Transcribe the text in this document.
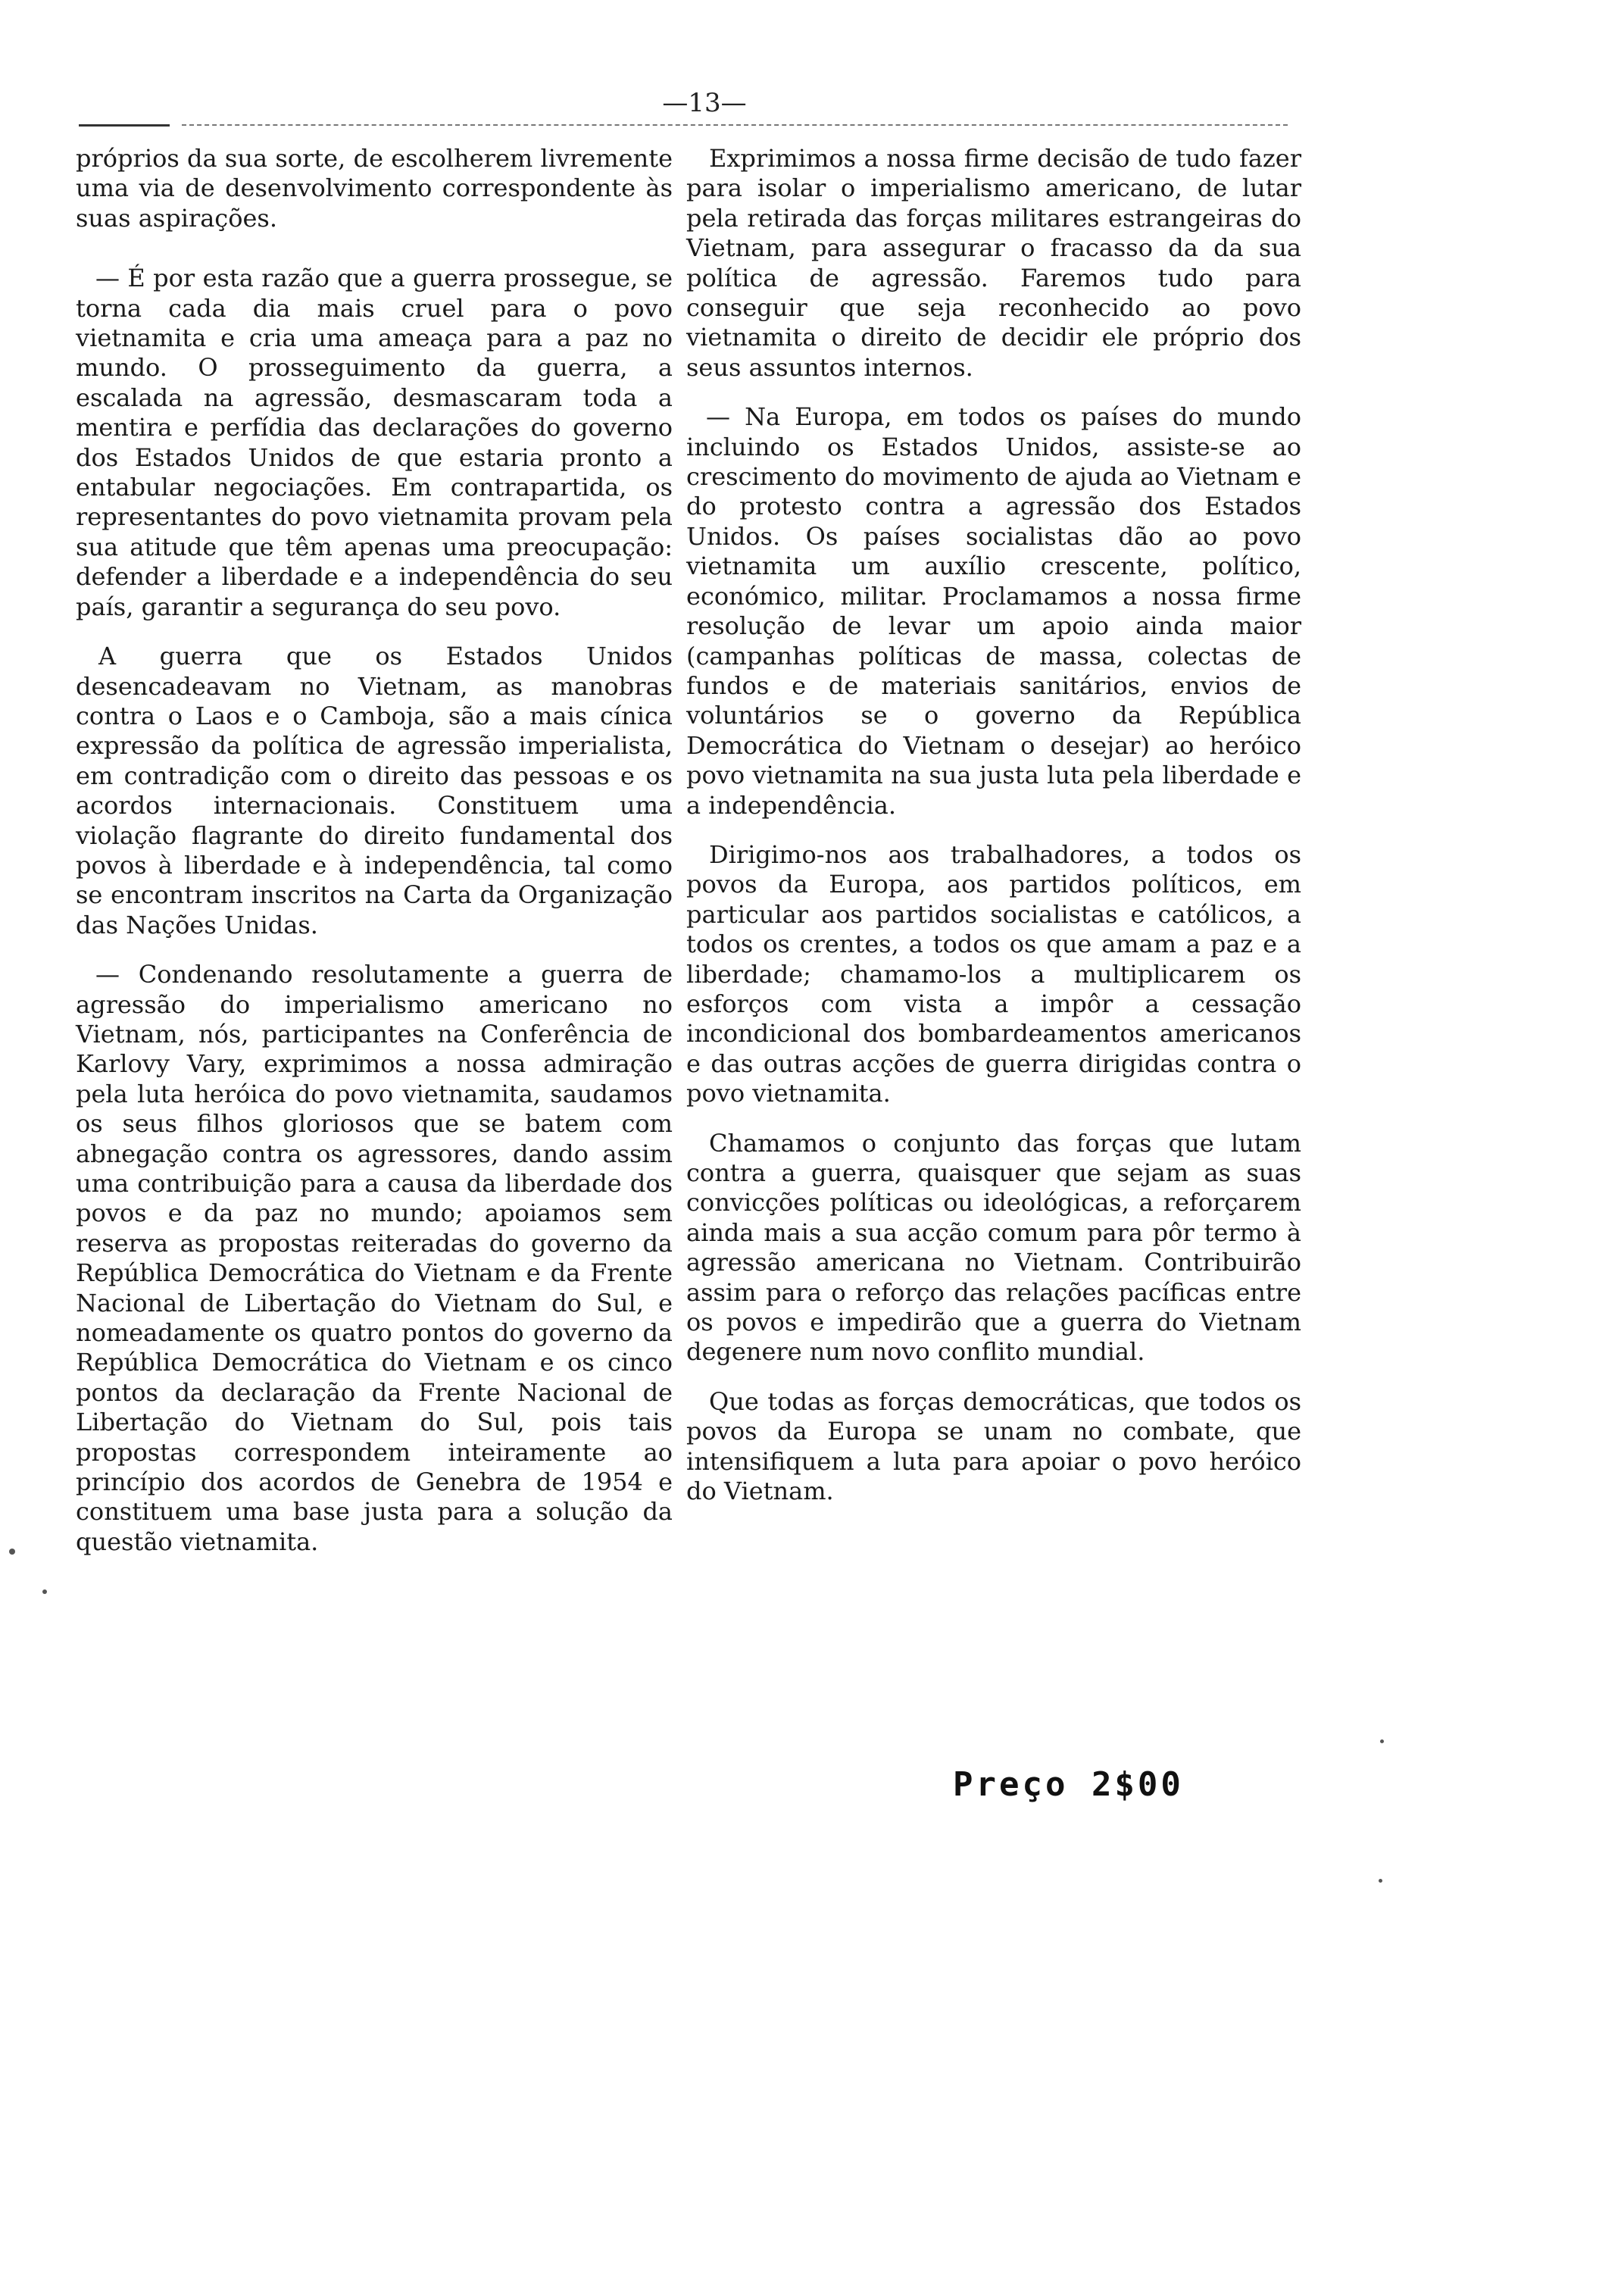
—13—

próprios da sua sorte, de escolherem livremente uma via de desenvolvimento correspondente às suas aspirações.

— É por esta razão que a guerra prossegue, se torna cada dia mais cruel para o povo vietnamita e cria uma ameaça para a paz no mundo. O prosseguimento da guerra, a escalada na agressão, desmascaram toda a mentira e perfídia das declarações do governo dos Estados Unidos de que estaria pronto a entabular negociações. Em contrapartida, os representantes do povo vietnamita provam pela sua atitude que têm apenas uma preocupação: defender a liberdade e a independência do seu país, garantir a segurança do seu povo.

A guerra que os Estados Unidos desencadeavam no Vietnam, as manobras contra o Laos e o Camboja, são a mais cínica expressão da política de agressão imperialista, em contradição com o direito das pessoas e os acordos internacionais. Constituem uma violação flagrante do direito fundamental dos povos à liberdade e à independência, tal como se encontram inscritos na Carta da Organização das Nações Unidas.

— Condenando resolutamente a guerra de agressão do imperialismo americano no Vietnam, nós, participantes na Conferência de Karlovy Vary, exprimimos a nossa admiração pela luta heróica do povo vietnamita, saudamos os seus filhos gloriosos que se batem com abnegação contra os agressores, dando assim uma contribuição para a causa da liberdade dos povos e da paz no mundo; apoiamos sem reserva as propostas reiteradas do governo da República Democrática do Vietnam e da Frente Nacional de Libertação do Vietnam do Sul, e nomeadamente os quatro pontos do governo da República Democrática do Vietnam e os cinco pontos da declaração da Frente Nacional de Libertação do Vietnam do Sul, pois tais propostas correspondem inteiramente ao princípio dos acordos de Genebra de 1954 e constituem uma base justa para a solução da questão vietnamita.

Exprimimos a nossa firme decisão de tudo fazer para isolar o imperialismo americano, de lutar pela retirada das forças militares estrangeiras do Vietnam, para assegurar o fracasso da da sua política de agressão. Faremos tudo para conseguir que seja reconhecido ao povo vietnamita o direito de decidir ele próprio dos seus assuntos internos.

— Na Europa, em todos os países do mundo incluindo os Estados Unidos, assiste-se ao crescimento do movimento de ajuda ao Vietnam e do protesto contra a agressão dos Estados Unidos. Os países socialistas dão ao povo vietnamita um auxílio crescente, político, económico, militar. Proclamamos a nossa firme resolução de levar um apoio ainda maior (campanhas políticas de massa, colectas de fundos e de materiais sanitários, envios de voluntários se o governo da República Democrática do Vietnam o desejar) ao heróico povo vietnamita na sua justa luta pela liberdade e a independência.

Dirigimo-nos aos trabalhadores, a todos os povos da Europa, aos partidos políticos, em particular aos partidos socialistas e católicos, a todos os crentes, a todos os que amam a paz e a liberdade; chamamo-los a multiplicarem os esforços com vista a impôr a cessação incondicional dos bombardeamentos americanos e das outras acções de guerra dirigidas contra o povo vietnamita.

Chamamos o conjunto das forças que lutam contra a guerra, quaisquer que sejam as suas convicções políticas ou ideológicas, a reforçarem ainda mais a sua acção comum para pôr termo à agressão americana no Vietnam. Contribuirão assim para o reforço das relações pacíficas entre os povos e impedirão que a guerra do Vietnam degenere num novo conflito mundial.

Que todas as forças democráticas, que todos os povos da Europa se unam no combate, que intensifiquem a luta para apoiar o povo heróico do Vietnam.

Preço 2$00
